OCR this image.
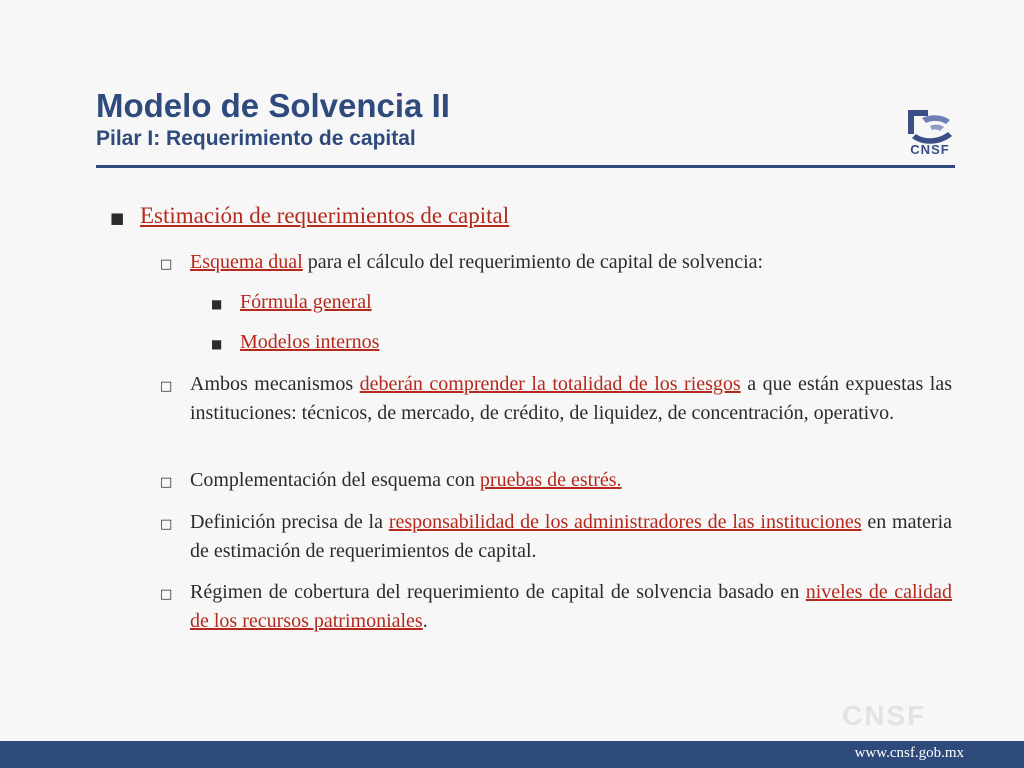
Modelo de Solvencia II
Pilar I: Requerimiento de capital	CNSF
■ Estimación de requerimientos de capital
□ Esquema dual para el cálculo del requerimiento de capital de solvencia:
■ Fórmula general
■ Modelos internos
□ Ambos mecanismos deberán comprender la totalidad de los riesgos a que están expuestas las instituciones: técnicos, de mercado, de crédito, de liquidez, de concentración, operativo.
□ Complementación del esquema con pruebas de estrés.
□ Definición precisa de la responsabilidad de los administradores de las instituciones en materia de estimación de requerimientos de capital.
□ Régimen de cobertura del requerimiento de capital de solvencia basado en niveles de calidad de los recursos patrimoniales.
CNSF
www.cnsf.gob.mx
